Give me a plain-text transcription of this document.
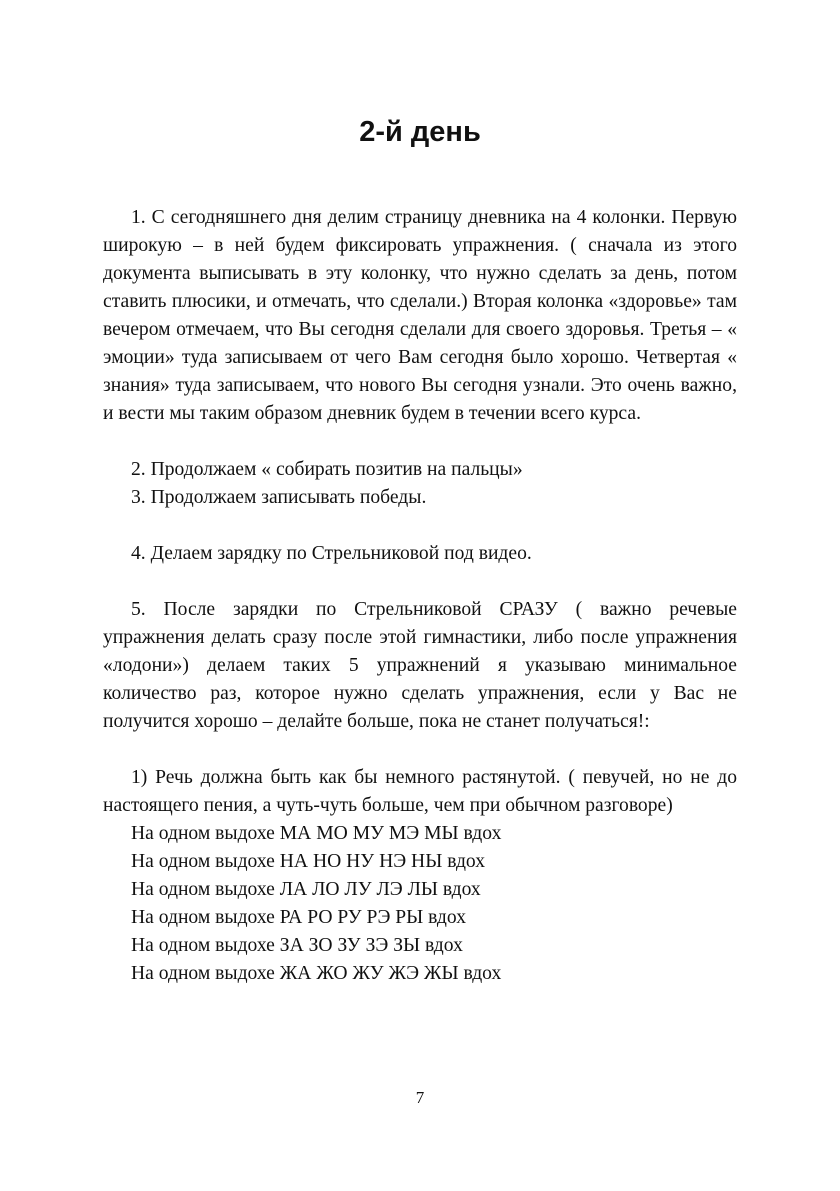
2-й день

1. С сегодняшнего дня делим страницу дневника на 4 колонки. Первую широкую – в ней будем фиксировать упражнения. ( сначала из этого документа выписывать в эту колонку, что нужно сделать за день, потом ставить плюсики, и отмечать, что сделали.) Вторая колонка «здоровье» там вечером отмечаем, что Вы сегодня сделали для своего здоровья. Третья – « эмоции» туда записываем от чего Вам сегодня было хорошо. Четвертая « знания» туда записываем, что нового Вы сегодня узнали. Это очень важно, и вести мы таким образом дневник будем в течении всего курса.

2. Продолжаем « собирать позитив на пальцы»

3. Продолжаем записывать победы.

4. Делаем зарядку по Стрельниковой под видео.

5. После зарядки по Стрельниковой СРАЗУ ( важно речевые упражнения делать сразу после этой гимнастики, либо после упражнения «лодони») делаем таких 5 упражнений я указываю минимальное количество раз, которое нужно сделать упражнения, если у Вас не получится хорошо – делайте больше, пока не станет получаться!:

1) Речь должна быть как бы немного растянутой. ( певучей, но не до настоящего пения, а чуть-чуть больше, чем при обычном разговоре)

На одном выдохе МА МО МУ МЭ МЫ вдох

На одном выдохе НА НО НУ НЭ НЫ вдох

На одном выдохе ЛА ЛО ЛУ ЛЭ ЛЫ вдох

На одном выдохе РА РО РУ РЭ РЫ вдох

На одном выдохе ЗА ЗО ЗУ ЗЭ ЗЫ вдох

На одном выдохе ЖА ЖО ЖУ ЖЭ ЖЫ вдох

7
